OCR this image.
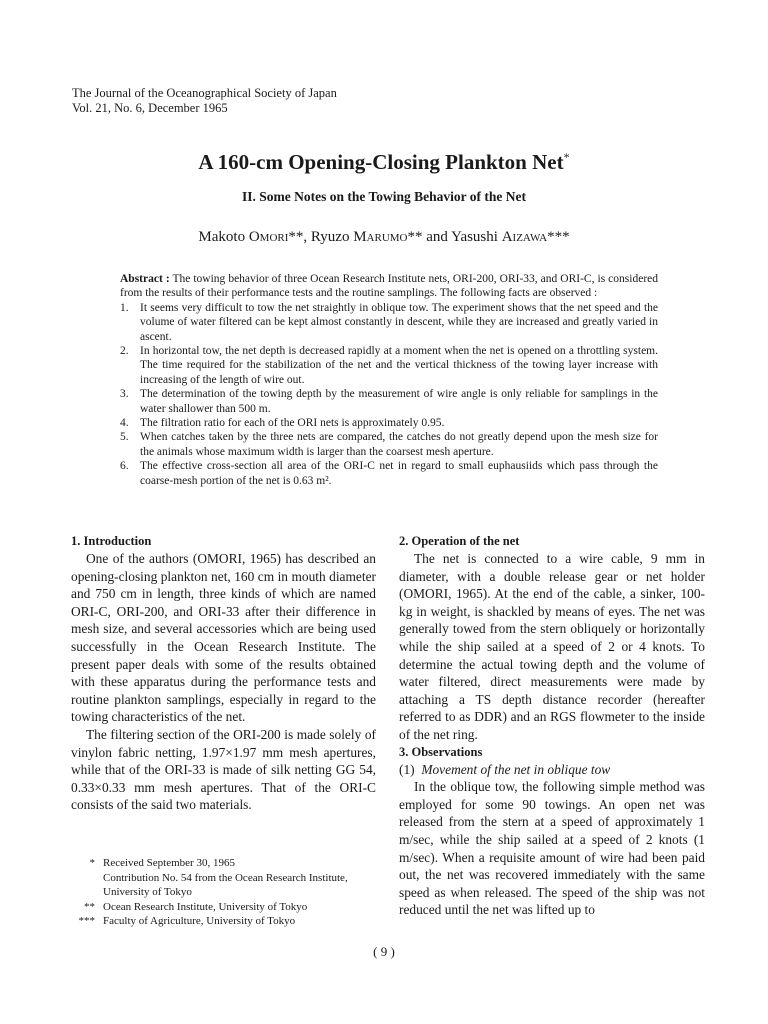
The Journal of the Oceanographical Society of Japan
Vol. 21, No. 6, December 1965
A 160-cm Opening-Closing Plankton Net*
II. Some Notes on the Towing Behavior of the Net
Makoto Omori**, Ryuzo Marumo** and Yasushi Aizawa***

Abstract : The towing behavior of three Ocean Research Institute nets, ORI-200, ORI-33, and ORI-C, is considered from the results of their performance tests and the routine samplings. The following facts are observed :

1. It seems very difficult to tow the net straightly in oblique tow. The experiment shows that the net speed and the volume of water filtered can be kept almost constantly in descent, while they are increased and greatly varied in ascent.
2. In horizontal tow, the net depth is decreased rapidly at a moment when the net is opened on a throttling system. The time required for the stabilization of the net and the vertical thickness of the towing layer increase with increasing of the length of wire out.
3. The determination of the towing depth by the measurement of wire angle is only reliable for samplings in the water shallower than 500 m.
4. The filtration ratio for each of the ORI nets is approximately 0.95.
5. When catches taken by the three nets are compared, the catches do not greatly depend upon the mesh size for the animals whose maximum width is larger than the coarsest mesh aperture.
6. The effective cross-section all area of the ORI-C net in regard to small euphausiids which pass through the coarse-mesh portion of the net is 0.63 m².
1. Introduction

One of the authors (OMORI, 1965) has described an opening-closing plankton net, 160 cm in mouth diameter and 750 cm in length, three kinds of which are named ORI-C, ORI-200, and ORI-33 after their difference in mesh size, and several accessories which are being used successfully in the Ocean Research Institute. The present paper deals with some of the results obtained with these apparatus during the performance tests and routine plankton samplings, especially in regard to the towing characteristics of the net.

The filtering section of the ORI-200 is made solely of vinylon fabric netting, 1.97×1.97 mm mesh apertures, while that of the ORI-33 is made of silk netting GG 54, 0.33×0.33 mm mesh apertures. That of the ORI-C consists of the said two materials.

* Received September 30, 1965
Contribution No. 54 from the Ocean Research Institute, University of Tokyo
** Ocean Research Institute, University of Tokyo
*** Faculty of Agriculture, University of Tokyo
2. Operation of the net

The net is connected to a wire cable, 9 mm in diameter, with a double release gear or net holder (OMORI, 1965). At the end of the cable, a sinker, 100-kg in weight, is shackled by means of eyes. The net was generally towed from the stern obliquely or horizontally while the ship sailed at a speed of 2 or 4 knots. To determine the actual towing depth and the volume of water filtered, direct measurements were made by attaching a TS depth distance recorder (hereafter referred to as DDR) and an RGS flowmeter to the inside of the net ring.

3. Observations

(1) Movement of the net in oblique tow

In the oblique tow, the following simple method was employed for some 90 towings. An open net was released from the stern at a speed of approximately 1 m/sec, while the ship sailed at a speed of 2 knots (1 m/sec). When a requisite amount of wire had been paid out, the net was recovered immediately with the same speed as when released. The speed of the ship was not reduced until the net was lifted up to

( 9 )
